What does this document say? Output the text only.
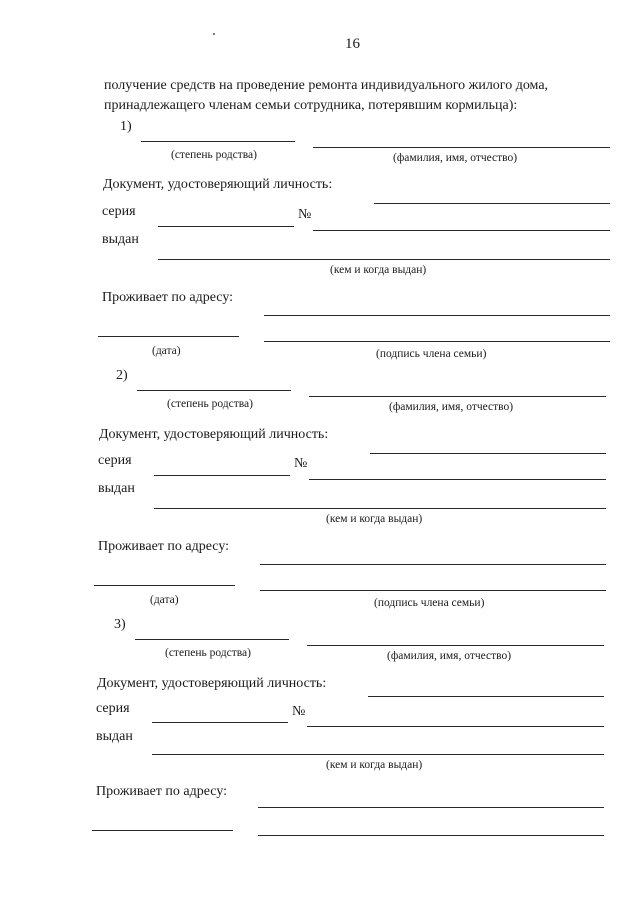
16
получение средств на проведение ремонта индивидуального жилого дома, принадлежащего членам семьи сотрудника, потерявшим кормильца):
1)
(степень родства)	(фамилия, имя, отчество)
Документ, удостоверяющий личность:
серия	№
выдан
(кем и когда выдан)
Проживает по адресу:
(дата)	(подпись члена семьи)
2)
(степень родства)	(фамилия, имя, отчество)
Документ, удостоверяющий личность:
серия	№
выдан
(кем и когда выдан)
Проживает по адресу:
(дата)	(подпись члена семьи)
3)
(степень родства)	(фамилия, имя, отчество)
Документ, удостоверяющий личность:
серия	№
выдан
(кем и когда выдан)
Проживает по адресу:
